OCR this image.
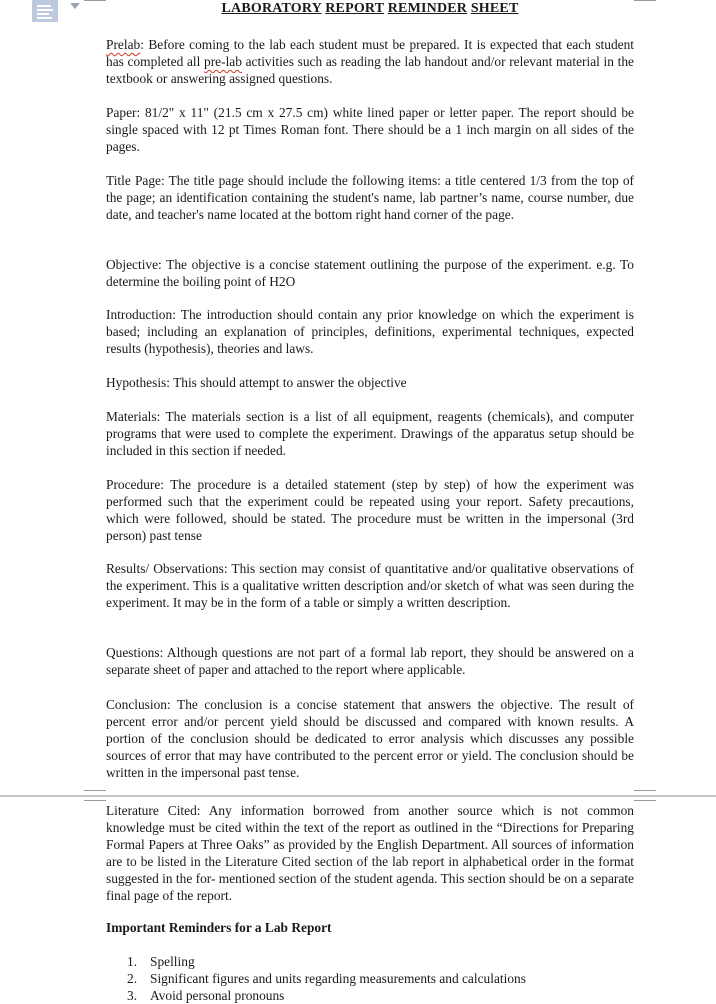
LABORATORY REPORT REMINDER SHEET

Prelab: Before coming to the lab each student must be prepared. It is expected that each student has completed all pre-lab activities such as reading the lab handout and/or relevant material in the textbook or answering assigned questions.

Paper: 81/2" x 11" (21.5 cm x 27.5 cm) white lined paper or letter paper. The report should be single spaced with 12 pt Times Roman font. There should be a 1 inch margin on all sides of the pages.

Title Page: The title page should include the following items: a title centered 1/3 from the top of the page; an identification containing the student's name, lab partner’s name, course number, due date, and teacher's name located at the bottom right hand corner of the page.

Objective: The objective is a concise statement outlining the purpose of the experiment. e.g. To determine the boiling point of H2O

Introduction: The introduction should contain any prior knowledge on which the experiment is based; including an explanation of principles, definitions, experimental techniques, expected results (hypothesis), theories and laws.

Hypothesis: This should attempt to answer the objective

Materials: The materials section is a list of all equipment, reagents (chemicals), and computer programs that were used to complete the experiment. Drawings of the apparatus setup should be included in this section if needed.

Procedure: The procedure is a detailed statement (step by step) of how the experiment was performed such that the experiment could be repeated using your report. Safety precautions, which were followed, should be stated. The procedure must be written in the impersonal (3rd person) past tense

Results/ Observations: This section may consist of quantitative and/or qualitative observations of the experiment. This is a qualitative written description and/or sketch of what was seen during the experiment. It may be in the form of a table or simply a written description.

Questions: Although questions are not part of a formal lab report, they should be answered on a separate sheet of paper and attached to the report where applicable.

Conclusion: The conclusion is a concise statement that answers the objective. The result of percent error and/or percent yield should be discussed and compared with known results. A portion of the conclusion should be dedicated to error analysis which discusses any possible sources of error that may have contributed to the percent error or yield. The conclusion should be written in the impersonal past tense.

Literature Cited: Any information borrowed from another source which is not common knowledge must be cited within the text of the report as outlined in the “Directions for Preparing Formal Papers at Three Oaks” as provided by the English Department. All sources of information are to be listed in the Literature Cited section of the lab report in alphabetical order in the format suggested in the for- mentioned section of the student agenda. This section should be on a separate final page of the report.

Important Reminders for a Lab Report
1. Spelling
2. Significant figures and units regarding measurements and calculations
3. Avoid personal pronouns
